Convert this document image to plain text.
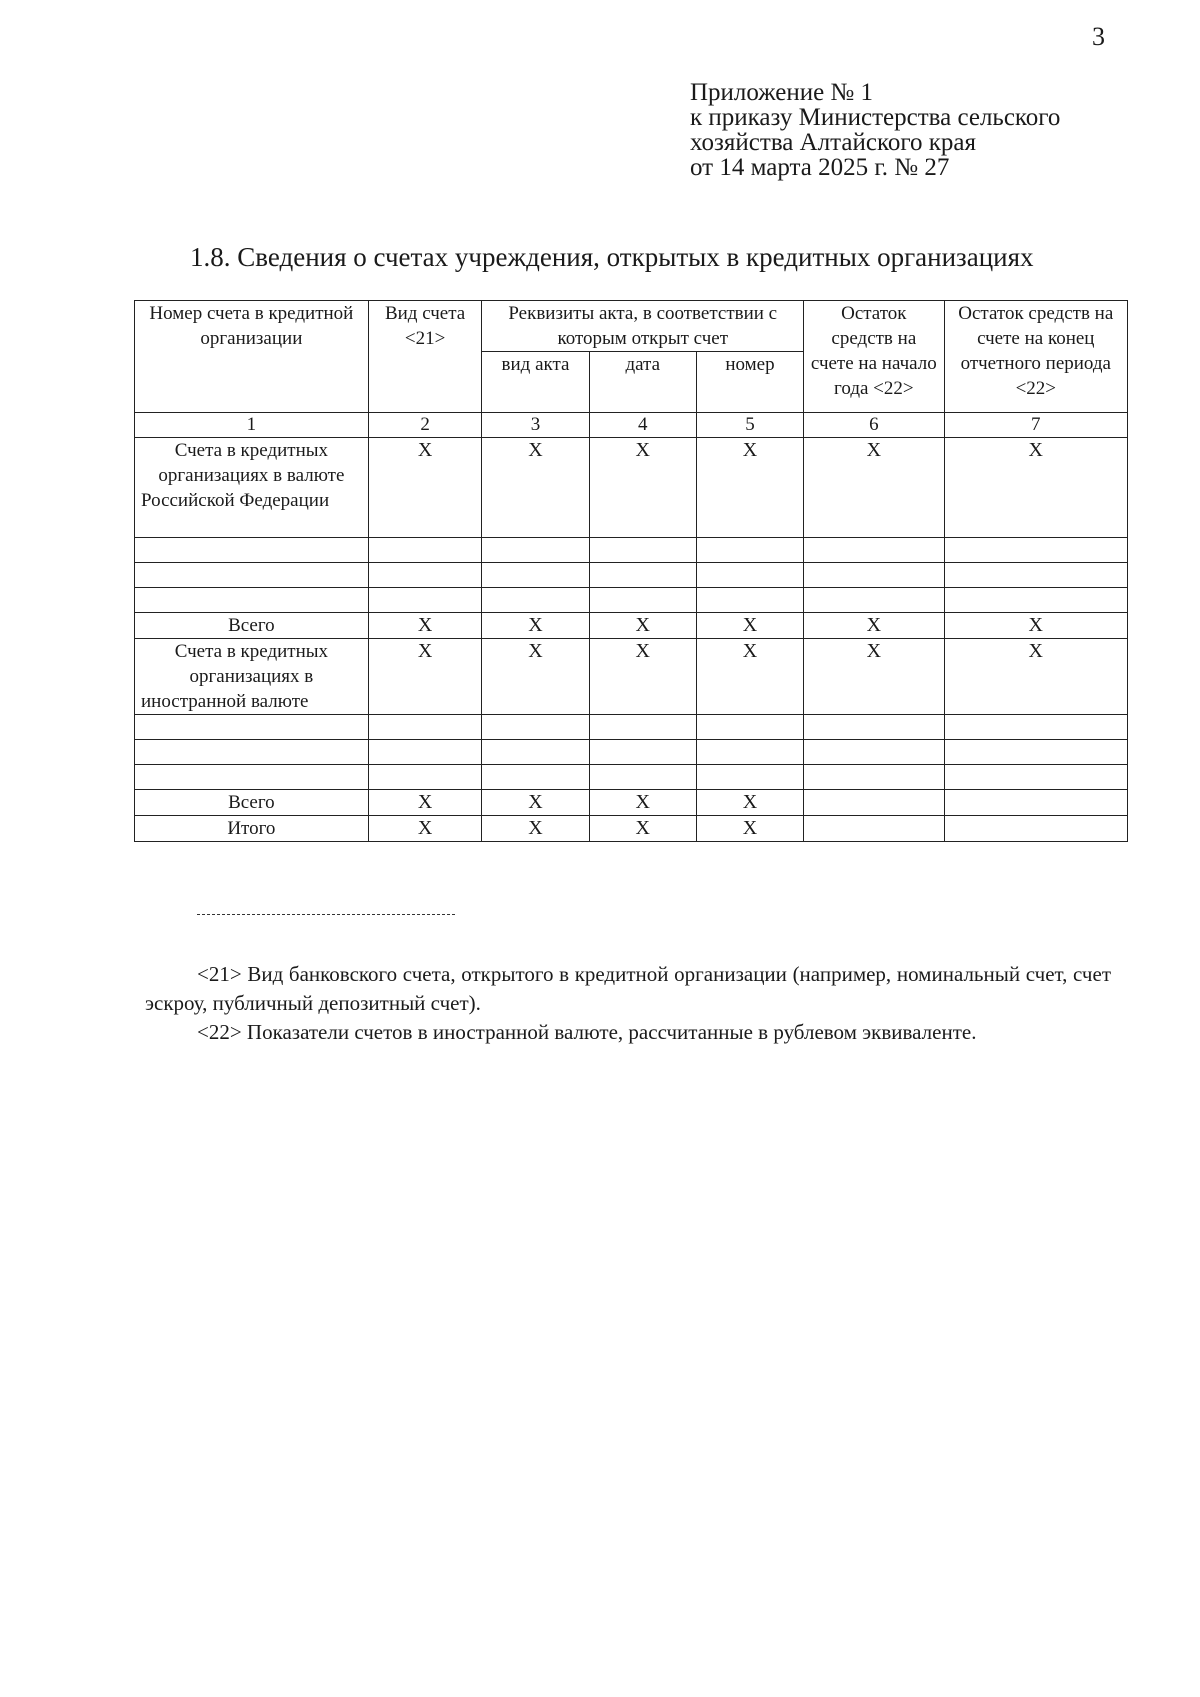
3
Приложение № 1
к приказу Министерства сельского
хозяйства Алтайского края
от 14 марта 2025 г. № 27
1.8. Сведения о счетах учреждения, открытых в кредитных организациях
Номер счета в кредитной организации	Вид счета <21>	Реквизиты акта, в соответствии с которым открыт счет			Остаток средств на счете на начало года <22>	Остаток средств на счете на конец отчетного периода <22>
		вид акта	дата	номер		
1	2	3	4	5	6	7
Счета в кредитных организациях в валюте Российской Федерации	X	X	X	X	X	X

Всего	X	X	X	X	X	X
Счета в кредитных организациях в иностранной валюте	X	X	X	X	X	X

Всего	X	X	X	X		
Итого	X	X	X	X		

<21> Вид банковского счета, открытого в кредитной организации (например, номинальный счет, счет эскроу, публичный депозитный счет).

<22> Показатели счетов в иностранной валюте, рассчитанные в рублевом эквиваленте.
